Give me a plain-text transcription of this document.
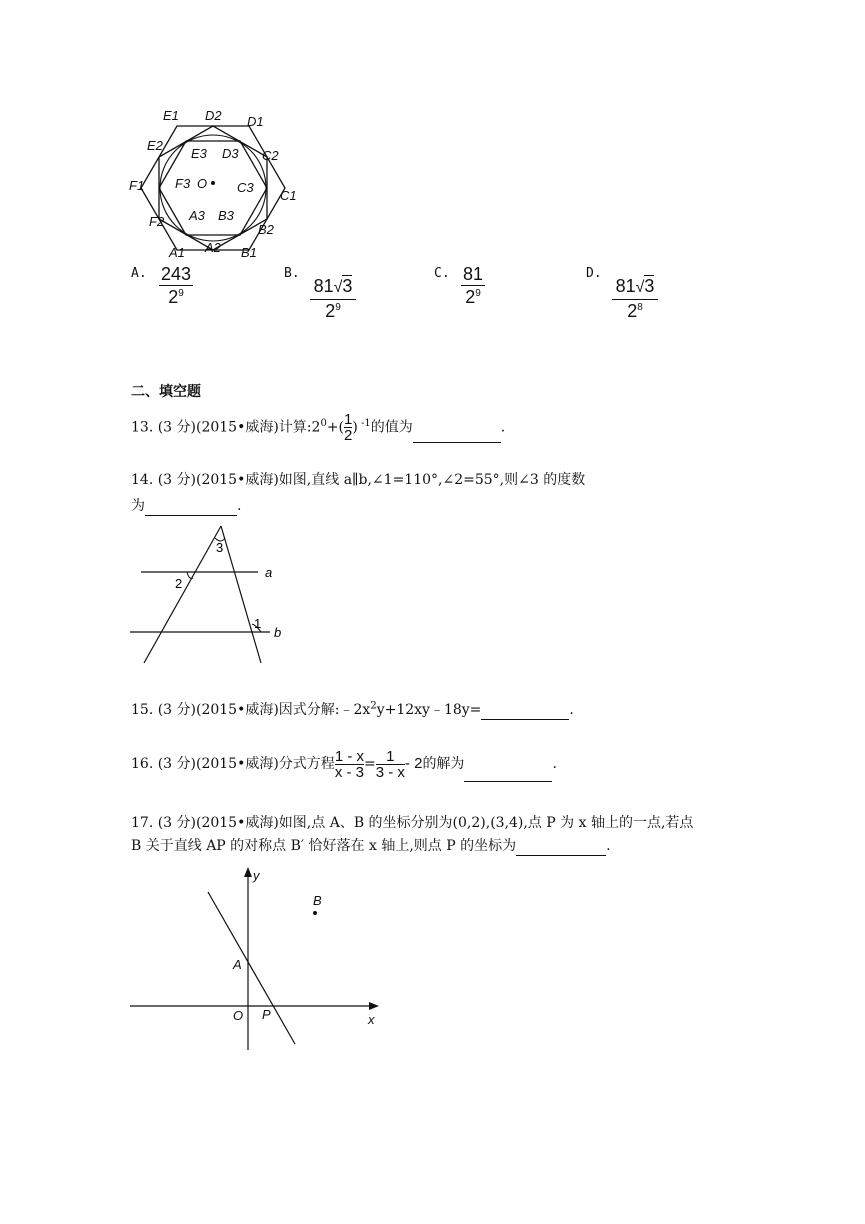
E1 D2 D1
E2
E3 D3 C2
F1 F3 O C3
C1
F2 A3 B3
B2
A1 A2 B1
A. 243
$2^9$
B.
81√3
$2^9$
C. 81
$2^9$
D.
81√3
$2^8$
二、填空题
13. (3 分)(2015•威海)计算$:2^0+( \frac{1}{2}$ ) $^{-1}$的值为	.
14. (3 分)(2015•威海)如图,直线 a∥b,∠1=110°,∠2=55°,则∠3 的度数
为	.
3
2
a
1
b
15. (3 分)(2015•威海)因式分解$:﹣2x^2y+12xy﹣18y=$	.
16. (3 分)(2015•威海)分式方程 $\frac{1 - x}{x - 3} = \frac{1}{3 - x} - 2$的解为	.
17. (3 分)(2015•威海)如图,点 A、B 的坐标分别为(0,2),(3,4),点 P 为 x 轴上的一点,若点
B 关于直线 AP 的对称点 B′ 恰好落在 x 轴上,则点 P 的坐标为	.
y
B
A
O P	x
